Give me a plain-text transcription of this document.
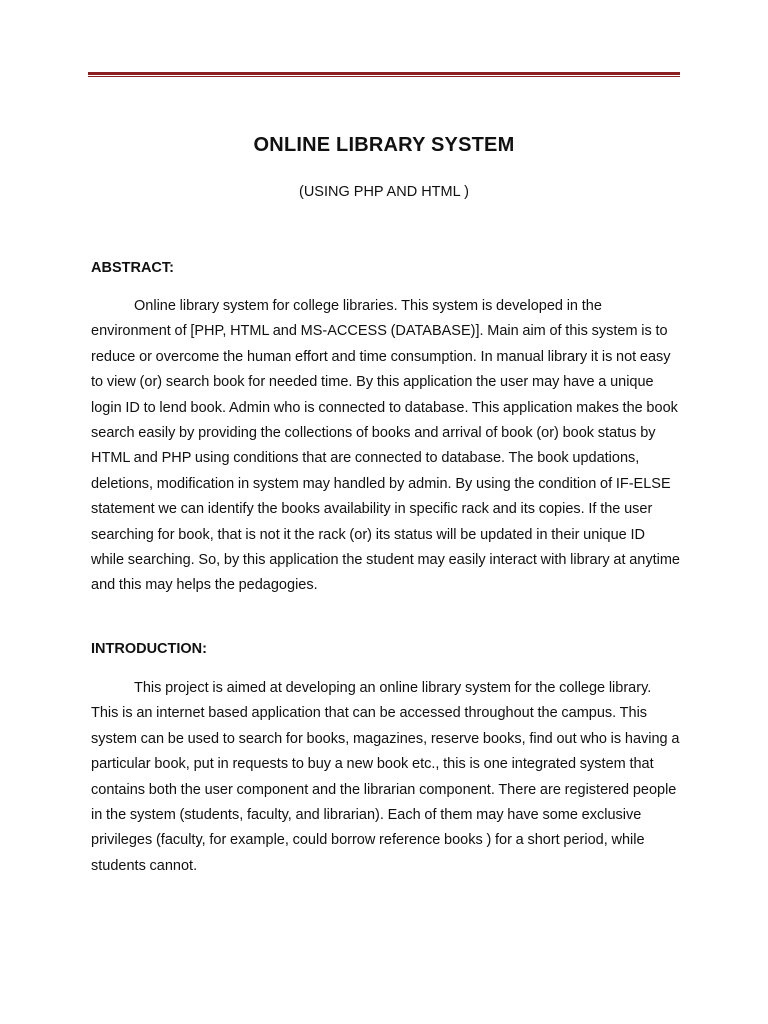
ONLINE LIBRARY SYSTEM
(USING PHP AND HTML )
ABSTRACT:

Online library system for college libraries. This system is developed in the environment of [PHP, HTML and MS-ACCESS (DATABASE)]. Main aim of this system is to reduce or overcome the human effort and time consumption. In manual library it is not easy to view (or) search book for needed time. By this application the user may have a unique login ID to lend book. Admin who is connected to database. This application makes the book search easily by providing the collections of books and arrival of book (or) book status by HTML and PHP using conditions that are connected to database. The book updations, deletions, modification in system may handled by admin. By using the condition of IF-ELSE statement we can identify the books availability in specific rack and its copies. If the user searching for book, that is not it the rack (or) its status will be updated in their unique ID while searching. So, by this application the student may easily interact with library at anytime and this may helps the pedagogies.

INTRODUCTION:

This project is aimed at developing an online library system for the college library. This is an internet based application that can be accessed throughout the campus. This system can be used to search for books, magazines, reserve books, find out who is having a particular book, put in requests to buy a new book etc., this is one integrated system that contains both the user component and the librarian component. There are registered people in the system (students, faculty, and librarian). Each of them may have some exclusive privileges (faculty, for example, could borrow reference books ) for a short period, while students cannot.
